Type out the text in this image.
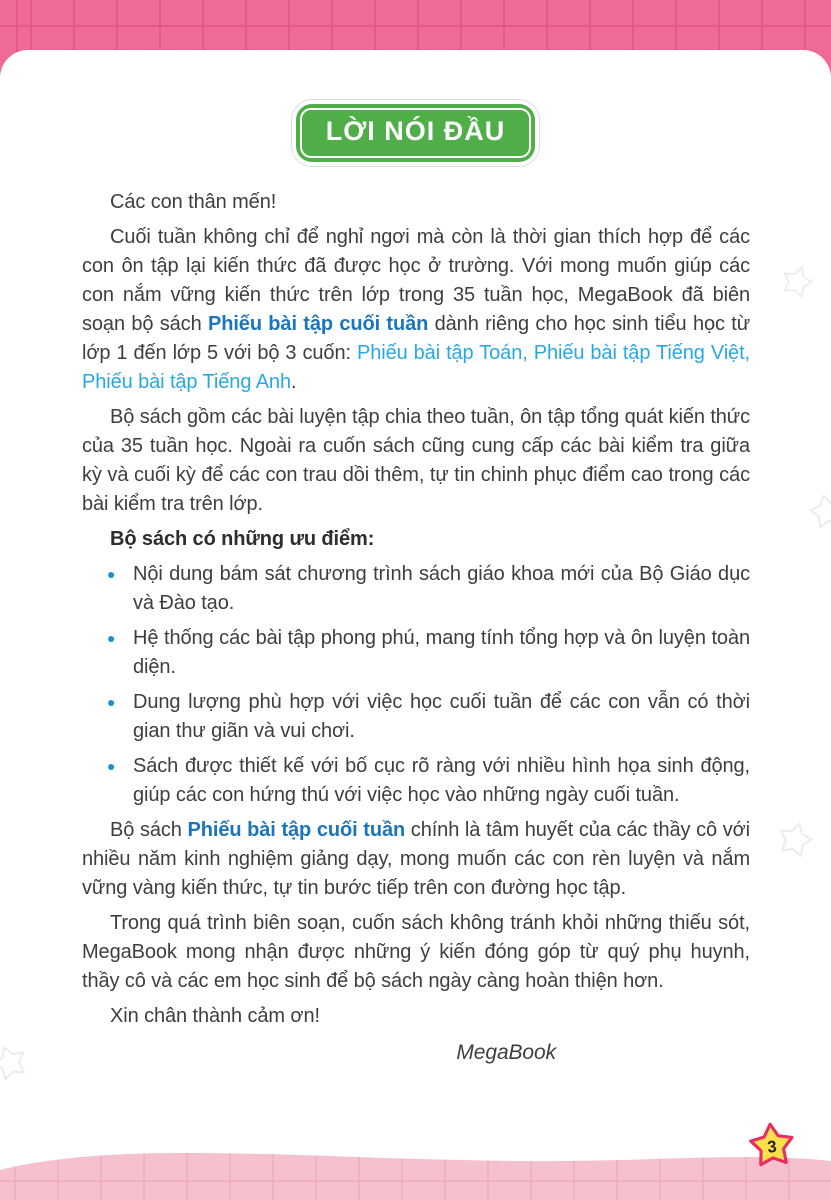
LỜI NÓI ĐẦU

Các con thân mến!

Cuối tuần không chỉ để nghỉ ngơi mà còn là thời gian thích hợp để các con ôn tập lại kiến thức đã được học ở trường. Với mong muốn giúp các con nắm vững kiến thức trên lớp trong 35 tuần học, MegaBook đã biên soạn bộ sách Phiếu bài tập cuối tuần dành riêng cho học sinh tiểu học từ lớp 1 đến lớp 5 với bộ 3 cuốn: Phiếu bài tập Toán, Phiếu bài tập Tiếng Việt, Phiếu bài tập Tiếng Anh.

Bộ sách gồm các bài luyện tập chia theo tuần, ôn tập tổng quát kiến thức của 35 tuần học. Ngoài ra cuốn sách cũng cung cấp các bài kiểm tra giữa kỳ và cuối kỳ để các con trau dồi thêm, tự tin chinh phục điểm cao trong các bài kiểm tra trên lớp.

Bộ sách có những ưu điểm:

● Nội dung bám sát chương trình sách giáo khoa mới của Bộ Giáo dục và Đào tạo.
● Hệ thống các bài tập phong phú, mang tính tổng hợp và ôn luyện toàn diện.
● Dung lượng phù hợp với việc học cuối tuần để các con vẫn có thời gian thư giãn và vui chơi.
● Sách được thiết kế với bố cục rõ ràng với nhiều hình họa sinh động, giúp các con hứng thú với việc học vào những ngày cuối tuần.

Bộ sách Phiếu bài tập cuối tuần chính là tâm huyết của các thầy cô với nhiều năm kinh nghiệm giảng dạy, mong muốn các con rèn luyện và nắm vững vàng kiến thức, tự tin bước tiếp trên con đường học tập.

Trong quá trình biên soạn, cuốn sách không tránh khỏi những thiếu sót, MegaBook mong nhận được những ý kiến đóng góp từ quý phụ huynh, thầy cô và các em học sinh để bộ sách ngày càng hoàn thiện hơn.

Xin chân thành cảm ơn!

MegaBook
3
